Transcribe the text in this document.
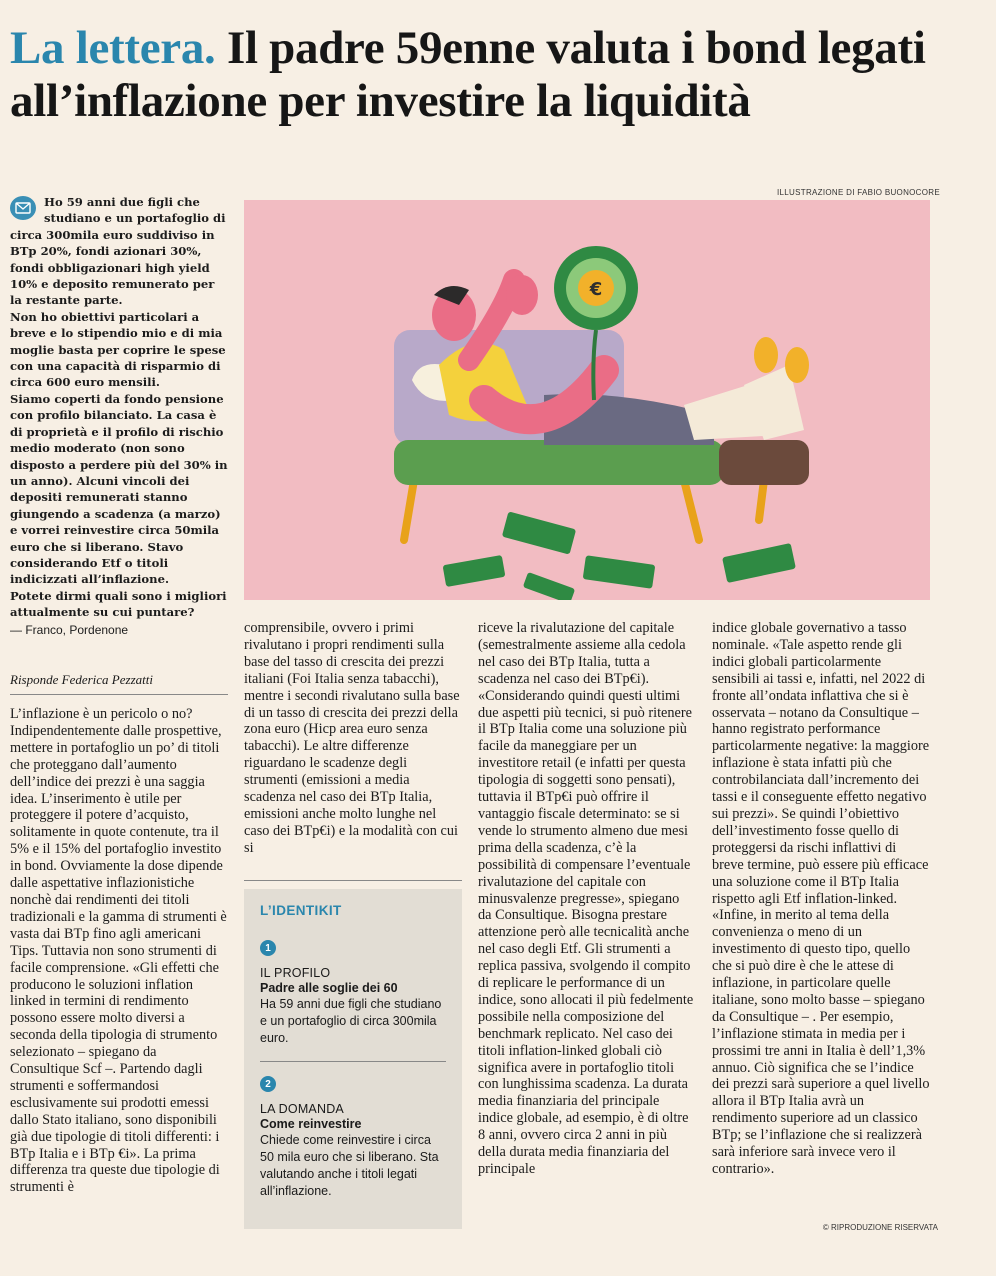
La lettera. Il padre 59enne valuta i bond legati all’inflazione per investire la liquidità
ILLUSTRAZIONE DI FABIO BUONOCORE
€

Ho 59 anni due figli che studiano e un portafoglio di circa 300mila euro suddiviso in BTp 20%, fondi azionari 30%, fondi obbligazionari high yield 10% e deposito remunerato per la restante parte.

Non ho obiettivi particolari a breve e lo stipendio mio e di mia moglie basta per coprire le spese con una capacità di risparmio di circa 600 euro mensili.

Siamo coperti da fondo pensione con profilo bilanciato. La casa è di proprietà e il profilo di rischio medio moderato (non sono disposto a perdere più del 30% in un anno). Alcuni vincoli dei depositi remunerati stanno giungendo a scadenza (a marzo) e vorrei reinvestire circa 50mila euro che si liberano. Stavo considerando Etf o titoli indicizzati all’inflazione.

Potete dirmi quali sono i migliori attualmente su cui puntare?

— Franco, Pordenone
Risponde Federica Pezzatti

L’inflazione è un pericolo o no? Indipendentemente dalle prospettive, mettere in portafoglio un po’ di titoli che proteggano dall’aumento dell’indice dei prezzi è una saggia idea. L’inserimento è utile per proteggere il potere d’acquisto, solitamente in quote contenute, tra il 5% e il 15% del portafoglio investito in bond. Ovviamente la dose dipende dalle aspettative inflazionistiche nonchè dai rendimenti dei titoli tradizionali e la gamma di strumenti è vasta dai BTp fino agli americani Tips. Tuttavia non sono strumenti di facile comprensione. «Gli effetti che producono le soluzioni inflation linked in termini di rendimento possono essere molto diversi a seconda della tipologia di strumento selezionato – spiegano da Consultique Scf –. Partendo dagli strumenti e soffermandosi esclusivamente sui prodotti emessi dallo Stato italiano, sono disponibili già due tipologie di titoli differenti: i BTp Italia e i BTp €i». La prima differenza tra queste due tipologie di strumenti è

comprensibile, ovvero i primi rivalutano i propri rendimenti sulla base del tasso di crescita dei prezzi italiani (Foi Italia senza tabacchi), mentre i secondi rivalutano sulla base di un tasso di crescita dei prezzi della zona euro (Hicp area euro senza tabacchi). Le altre differenze riguardano le scadenze degli strumenti (emissioni a media scadenza nel caso dei BTp Italia, emissioni anche molto lunghe nel caso dei BTp€i) e la modalità con cui si

riceve la rivalutazione del capitale (semestralmente assieme alla cedola nel caso dei BTp Italia, tutta a scadenza nel caso dei BTp€i). «Considerando quindi questi ultimi due aspetti più tecnici, si può ritenere il BTp Italia come una soluzione più facile da maneggiare per un investitore retail (e infatti per questa tipologia di soggetti sono pensati), tuttavia il BTp€i può offrire il vantaggio fiscale determinato: se si vende lo strumento almeno due mesi prima della scadenza, c’è la possibilità di compensare l’eventuale rivalutazione del capitale con minusvalenze pregresse», spiegano da Consultique. Bisogna prestare attenzione però alle tecnicalità anche nel caso degli Etf. Gli strumenti a replica passiva, svolgendo il compito di replicare le performance di un indice, sono allocati il più fedelmente possibile nella composizione del benchmark replicato. Nel caso dei titoli inflation-linked globali ciò significa avere in portafoglio titoli con lunghissima scadenza. La durata media finanziaria del principale indice globale, ad esempio, è di oltre 8 anni, ovvero circa 2 anni in più della durata media finanziaria del principale

indice globale governativo a tasso nominale. «Tale aspetto rende gli indici globali particolarmente sensibili ai tassi e, infatti, nel 2022 di fronte all’ondata inflattiva che si è osservata – notano da Consultique – hanno registrato performance particolarmente negative: la maggiore inflazione è stata infatti più che controbilanciata dall’incremento dei tassi e il conseguente effetto negativo sui prezzi». Se quindi l’obiettivo dell’investimento fosse quello di proteggersi da rischi inflattivi di breve termine, può essere più efficace una soluzione come il BTp Italia rispetto agli Etf inflation-linked. «Infine, in merito al tema della convenienza o meno di un investimento di questo tipo, quello che si può dire è che le attese di inflazione, in particolare quelle italiane, sono molto basse – spiegano da Consultique – . Per esempio, l’inflazione stimata in media per i prossimi tre anni in Italia è dell’1,3% annuo. Ciò significa che se l’indice dei prezzi sarà superiore a quel livello allora il BTp Italia avrà un rendimento superiore ad un classico BTp; se l’inflazione che si realizzerà sarà inferiore sarà invece vero il contrario».

L’IDENTIKIT
1
IL PROFILO
Padre alle soglie dei 60
Ha 59 anni due figli che studiano e un portafoglio di circa 300mila euro.
2
LA DOMANDA
Come reinvestire
Chiede come reinvestire i circa 50 mila euro che si liberano. Sta valutando anche i titoli legati all’inflazione.
© RIPRODUZIONE RISERVATA
